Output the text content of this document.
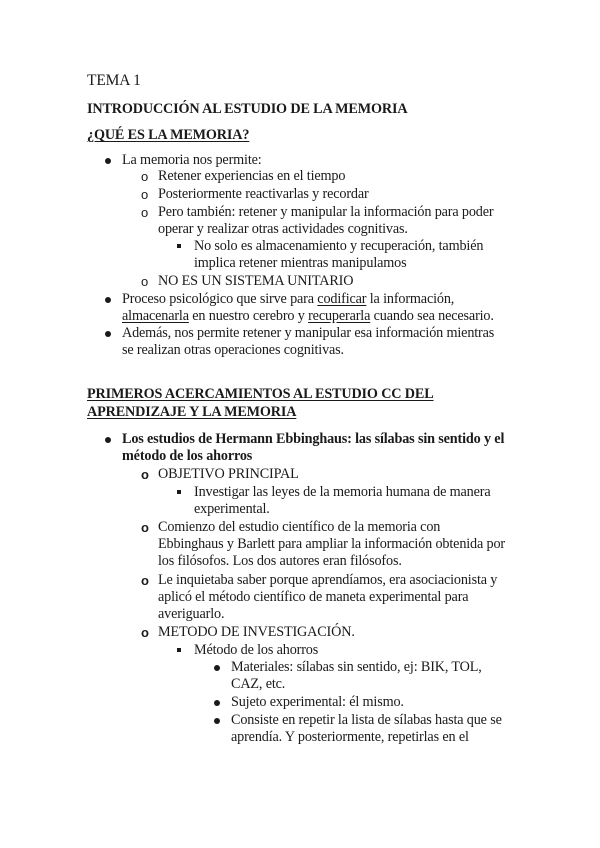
TEMA 1
INTRODUCCIÓN AL ESTUDIO DE LA MEMORIA
¿QUÉ ES LA MEMORIA?
La memoria nos permite:
o Retener experiencias en el tiempo
o Posteriormente reactivarlas y recordar
o Pero también: retener y manipular la información para poder
operar y realizar otras actividades cognitivas.
No solo es almacenamiento y recuperación, también
implica retener mientras manipulamos
o NO ES UN SISTEMA UNITARIO
Proceso psicológico que sirve para codificar la información,
almacenarla en nuestro cerebro y recuperarla cuando sea necesario.
Además, nos permite retener y manipular esa información mientras
se realizan otras operaciones cognitivas.
PRIMEROS ACERCAMIENTOS AL ESTUDIO CC DEL
APRENDIZAJE Y LA MEMORIA
Los estudios de Hermann Ebbinghaus: las sílabas sin sentido y el
método de los ahorros
o OBJETIVO PRINCIPAL
Investigar las leyes de la memoria humana de manera
experimental.
o Comienzo del estudio científico de la memoria con
Ebbinghaus y Barlett para ampliar la información obtenida por
los filósofos. Los dos autores eran filósofos.
o Le inquietaba saber porque aprendíamos, era asociacionista y
aplicó el método científico de maneta experimental para
averiguarlo.
o METODO DE INVESTIGACIÓN.
Método de los ahorros
Materiales: sílabas sin sentido, ej: BIK, TOL,
CAZ, etc.
Sujeto experimental: él mismo.
Consiste en repetir la lista de sílabas hasta que se
aprendía. Y posteriormente, repetirlas en el
